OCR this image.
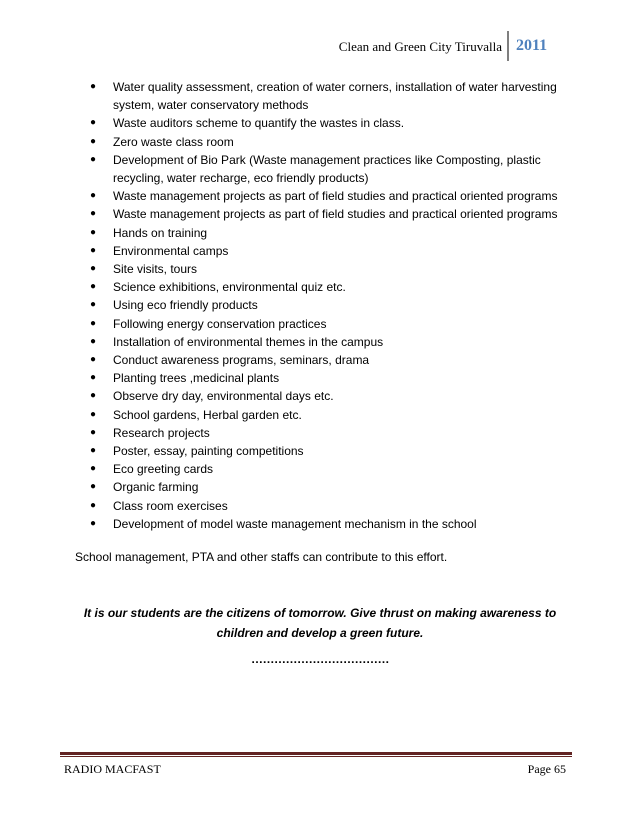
Clean and Green City Tiruvalla 2011
● Water quality assessment, creation of water corners, installation of water harvesting system, water conservatory methods
● Waste auditors scheme to quantify the wastes in class.
● Zero waste class room
● Development of Bio Park (Waste management practices like Composting, plastic recycling, water recharge, eco friendly products)
● Waste management projects as part of field studies and practical oriented programs
● Waste management projects as part of field studies and practical oriented programs
● Hands on training
● Environmental camps
● Site visits, tours
● Science exhibitions, environmental quiz etc.
● Using eco friendly products
● Following energy conservation practices
● Installation of environmental themes in the campus
● Conduct awareness programs, seminars, drama
● Planting trees ,medicinal plants
● Observe dry day, environmental days etc.
● School gardens, Herbal garden etc.
● Research projects
● Poster, essay, painting competitions
● Eco greeting cards
● Organic farming
● Class room exercises
● Development of model waste management mechanism in the school
School management, PTA and other staffs can contribute to this effort.
It is our students are the citizens of tomorrow. Give thrust on making awareness to children and develop a green future.
………………………………
RADIO MACFAST	Page 65
